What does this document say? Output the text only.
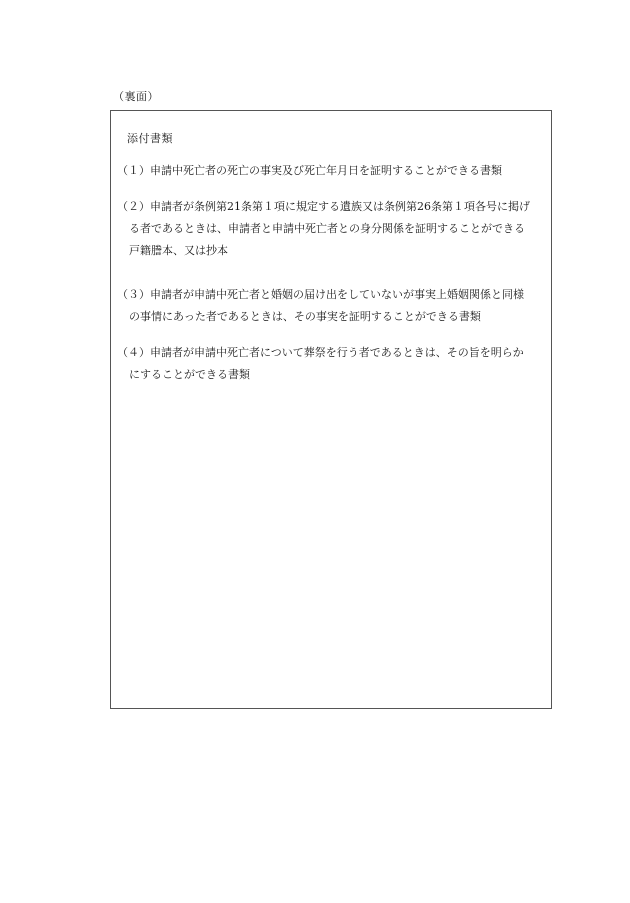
（裏面）
添付書類
（１） 申請中死亡者の死亡の事実及び死亡年月日を証明することができる書類
（２） 申請者が条例第21条第１項に規定する遺族又は条例第26条第１項各号に掲げ
る者であるときは、申請者と申請中死亡者との身分関係を証明することができる
戸籍謄本、又は抄本
（３） 申請者が申請中死亡者と婚姻の届け出をしていないが事実上婚姻関係と同様
の事情にあった者であるときは、その事実を証明することができる書類
（４） 申請者が申請中死亡者について葬祭を行う者であるときは、その旨を明らか
にすることができる書類
